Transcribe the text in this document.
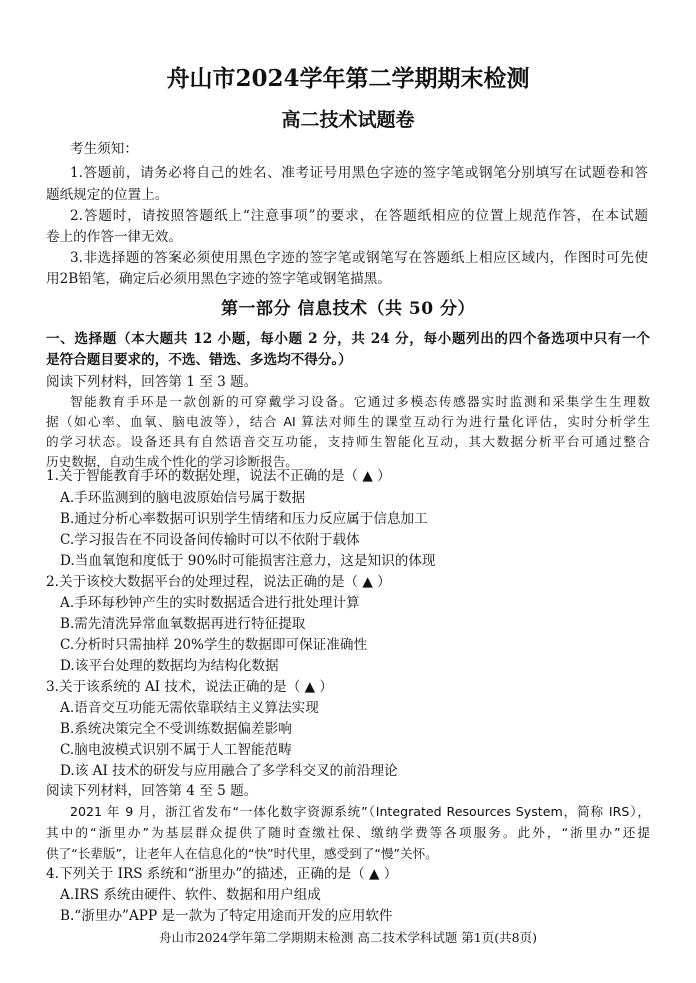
舟山市2024学年第二学期期末检测
高二技术试题卷
考生须知：
1.答题前，请务必将自己的姓名、准考证号用黑色字迹的签字笔或钢笔分别填写在试题卷和答
题纸规定的位置上。
2.答题时，请按照答题纸上“注意事项”的要求，在答题纸相应的位置上规范作答，在本试题
卷上的作答一律无效。
3.非选择题的答案必须使用黑色字迹的签字笔或钢笔写在答题纸上相应区域内，作图时可先使
用2B铅笔，确定后必须用黑色字迹的签字笔或钢笔描黑。
第一部分 信息技术（共 50 分）
一、选择题（本大题共 12 小题，每小题 2 分，共 24 分，每小题列出的四个备选项中只有一个
是符合题目要求的，不选、错选、多选均不得分。）
阅读下列材料，回答第 1 至 3 题。
智能教育手环是一款创新的可穿戴学习设备。它通过多模态传感器实时监测和采集学生生理数
据（如心率、血氧、脑电波等），结合 AI 算法对师生的课堂互动行为进行量化评估，实时分析学生
的学习状态。设备还具有自然语音交互功能，支持师生智能化互动，其大数据分析平台可通过整合
历史数据，自动生成个性化的学习诊断报告。
1.关于智能教育手环的数据处理，说法不正确的是（ ▲ ）
A.手环监测到的脑电波原始信号属于数据
B.通过分析心率数据可识别学生情绪和压力反应属于信息加工
C.学习报告在不同设备间传输时可以不依附于载体
D.当血氧饱和度低于 90%时可能损害注意力，这是知识的体现
2.关于该校大数据平台的处理过程，说法正确的是（ ▲ ）
A.手环每秒钟产生的实时数据适合进行批处理计算
B.需先清洗异常血氧数据再进行特征提取
C.分析时只需抽样 20%学生的数据即可保证准确性
D.该平台处理的数据均为结构化数据
3.关于该系统的 AI 技术，说法正确的是（ ▲ ）
A.语音交互功能无需依靠联结主义算法实现
B.系统决策完全不受训练数据偏差影响
C.脑电波模式识别不属于人工智能范畴
D.该 AI 技术的研发与应用融合了多学科交叉的前沿理论
阅读下列材料，回答第 4 至 5 题。
2021 年 9 月，浙江省发布“一体化数字资源系统”（Integrated Resources System，简称 IRS），
其中的“浙里办”为基层群众提供了随时查缴社保、缴纳学费等各项服务。此外，“浙里办”还提
供了“长辈版”，让老年人在信息化的“快”时代里，感受到了“慢”关怀。
4.下列关于 IRS 系统和“浙里办”的描述，正确的是（ ▲ ）
A.IRS 系统由硬件、软件、数据和用户组成
B.“浙里办”APP 是一款为了特定用途而开发的应用软件
舟山市2024学年第二学期期末检测 高二技术学科试题 第1页(共8页)
